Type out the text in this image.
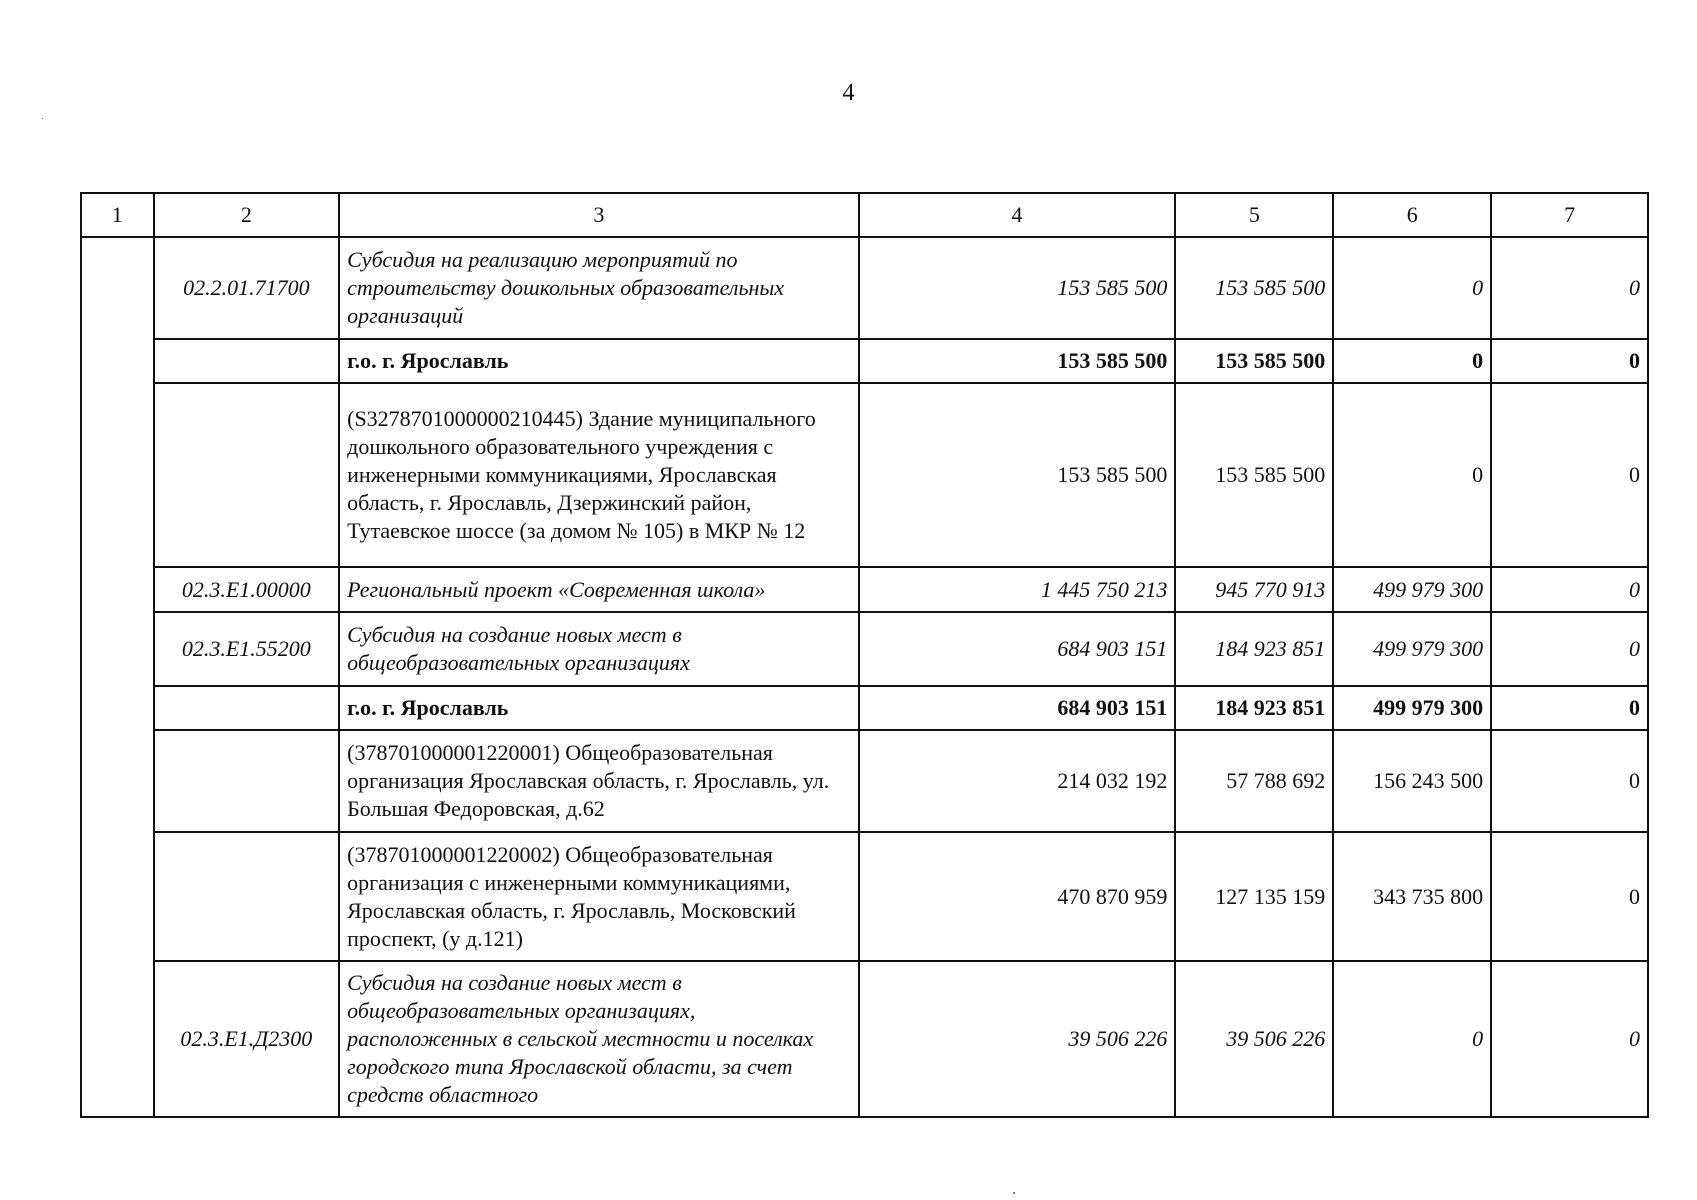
4
1	2	3	4	5	6	7
	02.2.01.71700	Субсидия на реализацию мероприятий по строительству дошкольных образовательных организаций	153 585 500	153 585 500	0	0
		г.о. г. Ярославль	153 585 500	153 585 500	0	0
		(S3278701000000210445) Здание муниципального дошкольного образовательного учреждения с инженерными коммуникациями, Ярославская область, г. Ярославль, Дзержинский район, Тутаевское шоссе (за домом № 105) в МКР № 12	153 585 500	153 585 500	0	0
	02.3.Е1.00000	Региональный проект «Современная школа»	1 445 750 213	945 770 913	499 979 300	0
	02.3.Е1.55200	Субсидия на создание новых мест в общеобразовательных организациях	684 903 151	184 923 851	499 979 300	0
		г.о. г. Ярославль	684 903 151	184 923 851	499 979 300	0
		(378701000001220001) Общеобразовательная организация Ярославская область, г. Ярославль, ул. Большая Федоровская, д.62	214 032 192	57 788 692	156 243 500	0
		(378701000001220002) Общеобразовательная организация с инженерными коммуникациями, Ярославская область, г. Ярославль, Московский проспект, (у д.121)	470 870 959	127 135 159	343 735 800	0
	02.3.Е1.Д2300	Субсидия на создание новых мест в общеобразовательных организациях, расположенных в сельской местности и поселках городского типа Ярославской области, за счет средств областного	39 506 226	39 506 226	0	0
